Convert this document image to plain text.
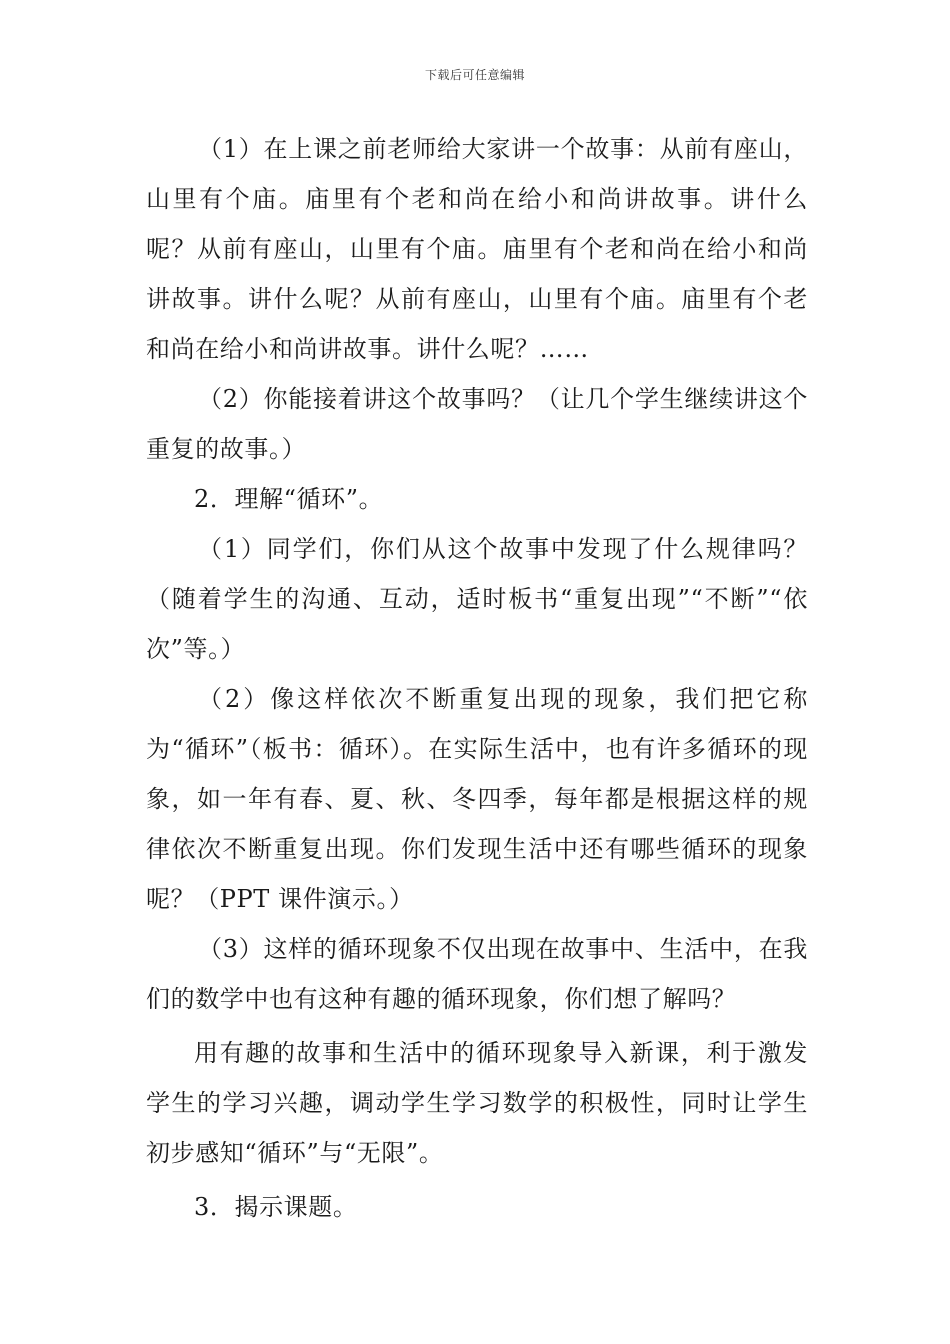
下载后可任意编辑

（1）在上课之前老师给大家讲一个故事：从前有座山，山里有个庙。庙里有个老和尚在给小和尚讲故事。讲什么呢？从前有座山，山里有个庙。庙里有个老和尚在给小和尚讲故事。讲什么呢？从前有座山，山里有个庙。庙里有个老和尚在给小和尚讲故事。讲什么呢？……

（2）你能接着讲这个故事吗？（让几个学生继续讲这个重复的故事。）

2．理解“循环”。

（1）同学们，你们从这个故事中发现了什么规律吗？（随着学生的沟通、互动，适时板书“重复出现”“不断”“依次”等。）

（2）像这样依次不断重复出现的现象，我们把它称为“循环”（板书：循环）。在实际生活中，也有许多循环的现象，如一年有春、夏、秋、冬四季，每年都是根据这样的规律依次不断重复出现。你们发现生活中还有哪些循环的现象呢？（PPT 课件演示。）

（3）这样的循环现象不仅出现在故事中、生活中，在我们的数学中也有这种有趣的循环现象，你们想了解吗？

用有趣的故事和生活中的循环现象导入新课，利于激发学生的学习兴趣，调动学生学习数学的积极性，同时让学生初步感知“循环”与“无限”。

3．揭示课题。
